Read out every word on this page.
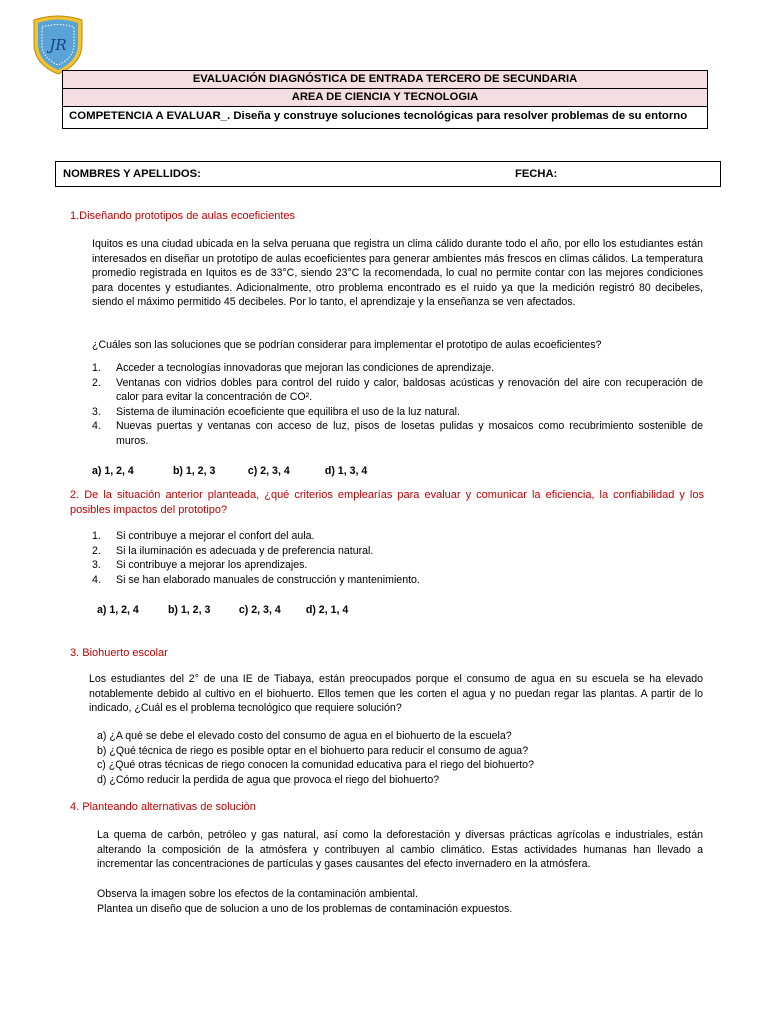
JR
EVALUACIÓN DIAGNÓSTICA DE ENTRADA TERCERO DE SECUNDARIA
AREA DE CIENCIA Y TECNOLOGIA
COMPETENCIA A EVALUAR_. Diseña y construye soluciones tecnológicas para resolver problemas de su entorno
NOMBRES Y APELLIDOS:	FECHA:
1.Diseñando prototipos de aulas ecoeficientes
Iquitos es una ciudad ubicada en la selva peruana que registra un clima cálido durante todo el año, por ello los estudiantes están interesados en diseñar un prototipo de aulas ecoeficientes para generar ambientes más frescos en climas cálidos. La temperatura promedio registrada en Iquitos es de 33°C, siendo 23°C la recomendada, lo cual no permite contar con las mejores condiciones para docentes y estudiantes. Adicionalmente, otro problema encontrado es el ruido ya que la medición registró 80 decibeles, siendo el máximo permitido 45 decibeles. Por lo tanto, el aprendizaje y la enseñanza se ven afectados.
¿Cuáles son las soluciones que se podrían considerar para implementar el prototipo de aulas ecoeficientes?
1. Acceder a tecnologías innovadoras que mejoran las condiciones de aprendizaje.
2. Ventanas con vidrios dobles para control del ruido y calor, baldosas acústicas y renovación del aire con recuperación de calor para evitar la concentración de CO².
3. Sistema de iluminación ecoeficiente que equilibra el uso de la luz natural.
4. Nuevas puertas y ventanas con acceso de luz, pisos de losetas pulidas y mosaicos como recubrimiento sostenible de muros.
a) 1, 2, 4	b) 1, 2, 3	c) 2, 3, 4	d) 1, 3, 4
2. De la situación anterior planteada, ¿qué criterios emplearías para evaluar y comunicar la eficiencia, la confiabilidad y los posibles impactos del prototipo?
1. Si contribuye a mejorar el confort del aula.
2. Si la iluminación es adecuada y de preferencia natural.
3. Si contribuye a mejorar los aprendizajes.
4. Si se han elaborado manuales de construcción y mantenimiento.
a) 1, 2, 4	b) 1, 2, 3	c) 2, 3, 4 d) 2, 1, 4
3. Biohuerto escolar
Los estudiantes del 2° de una IE de Tiabaya, están preocupados porque el consumo de agua en su escuela se ha elevado notablemente debido al cultivo en el biohuerto. Ellos temen que les corten el agua y no puedan regar las plantas. A partir de lo indicado, ¿Cuál es el problema tecnológico que requiere solución?
a) ¿A qué se debe el elevado costo del consumo de agua en el biohuerto de la escuela?
b) ¿Qué técnica de riego es posible optar en el biohuerto para reducir el consumo de agua?
c) ¿Qué otras técnicas de riego conocen la comunidad educativa para el riego del biohuerto?
d) ¿Cómo reducir la perdida de agua que provoca el riego del biohuerto?
4. Planteando alternativas de solución
La quema de carbón, petróleo y gas natural, así como la deforestación y diversas prácticas agrícolas e industriales, están alterando la composición de la atmósfera y contribuyen al cambio climático. Estas actividades humanas han llevado a incrementar las concentraciones de partículas y gases causantes del efecto invernadero en la atmósfera.
Observa la imagen sobre los efectos de la contaminación ambiental.
Plantea un diseño que de solucion a uno de los problemas de contaminación expuestos.
